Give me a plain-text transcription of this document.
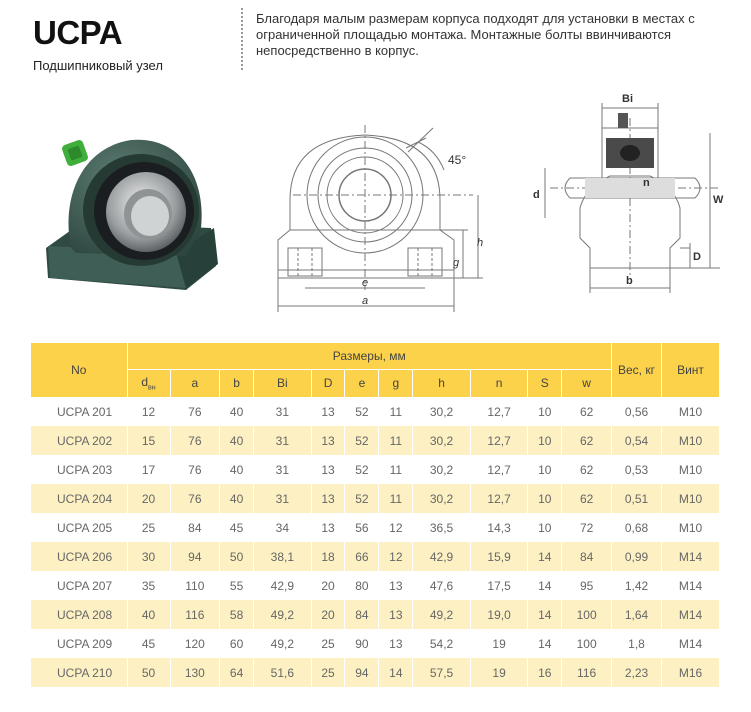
UCPA
Подшипниковый узел
Благодаря малым размерам корпуса подходят для установки в местах с ограниченной площадью монтажа. Монтажные болты ввинчиваются непосредственно в корпус.
45°
e
a
h
g
Bi
d
n
W
D
b
No	Размеры, мм											Вес, кг	Винт
	$d_{вн}$	a	b	Bi	D	e	g	h	n	S	w		
UCPA 201	12	76	40	31	13	52	11	30,2	12,7	10	62	0,56	M10
UCPA 202	15	76	40	31	13	52	11	30,2	12,7	10	62	0,54	M10
UCPA 203	17	76	40	31	13	52	11	30,2	12,7	10	62	0,53	M10
UCPA 204	20	76	40	31	13	52	11	30,2	12,7	10	62	0,51	M10
UCPA 205	25	84	45	34	13	56	12	36,5	14,3	10	72	0,68	M10
UCPA 206	30	94	50	38,1	18	66	12	42,9	15,9	14	84	0,99	M14
UCPA 207	35	110	55	42,9	20	80	13	47,6	17,5	14	95	1,42	M14
UCPA 208	40	116	58	49,2	20	84	13	49,2	19,0	14	100	1,64	M14
UCPA 209	45	120	60	49,2	25	90	13	54,2	19	14	100	1,8	M14
UCPA 210	50	130	64	51,6	25	94	14	57,5	19	16	116	2,23	M16
